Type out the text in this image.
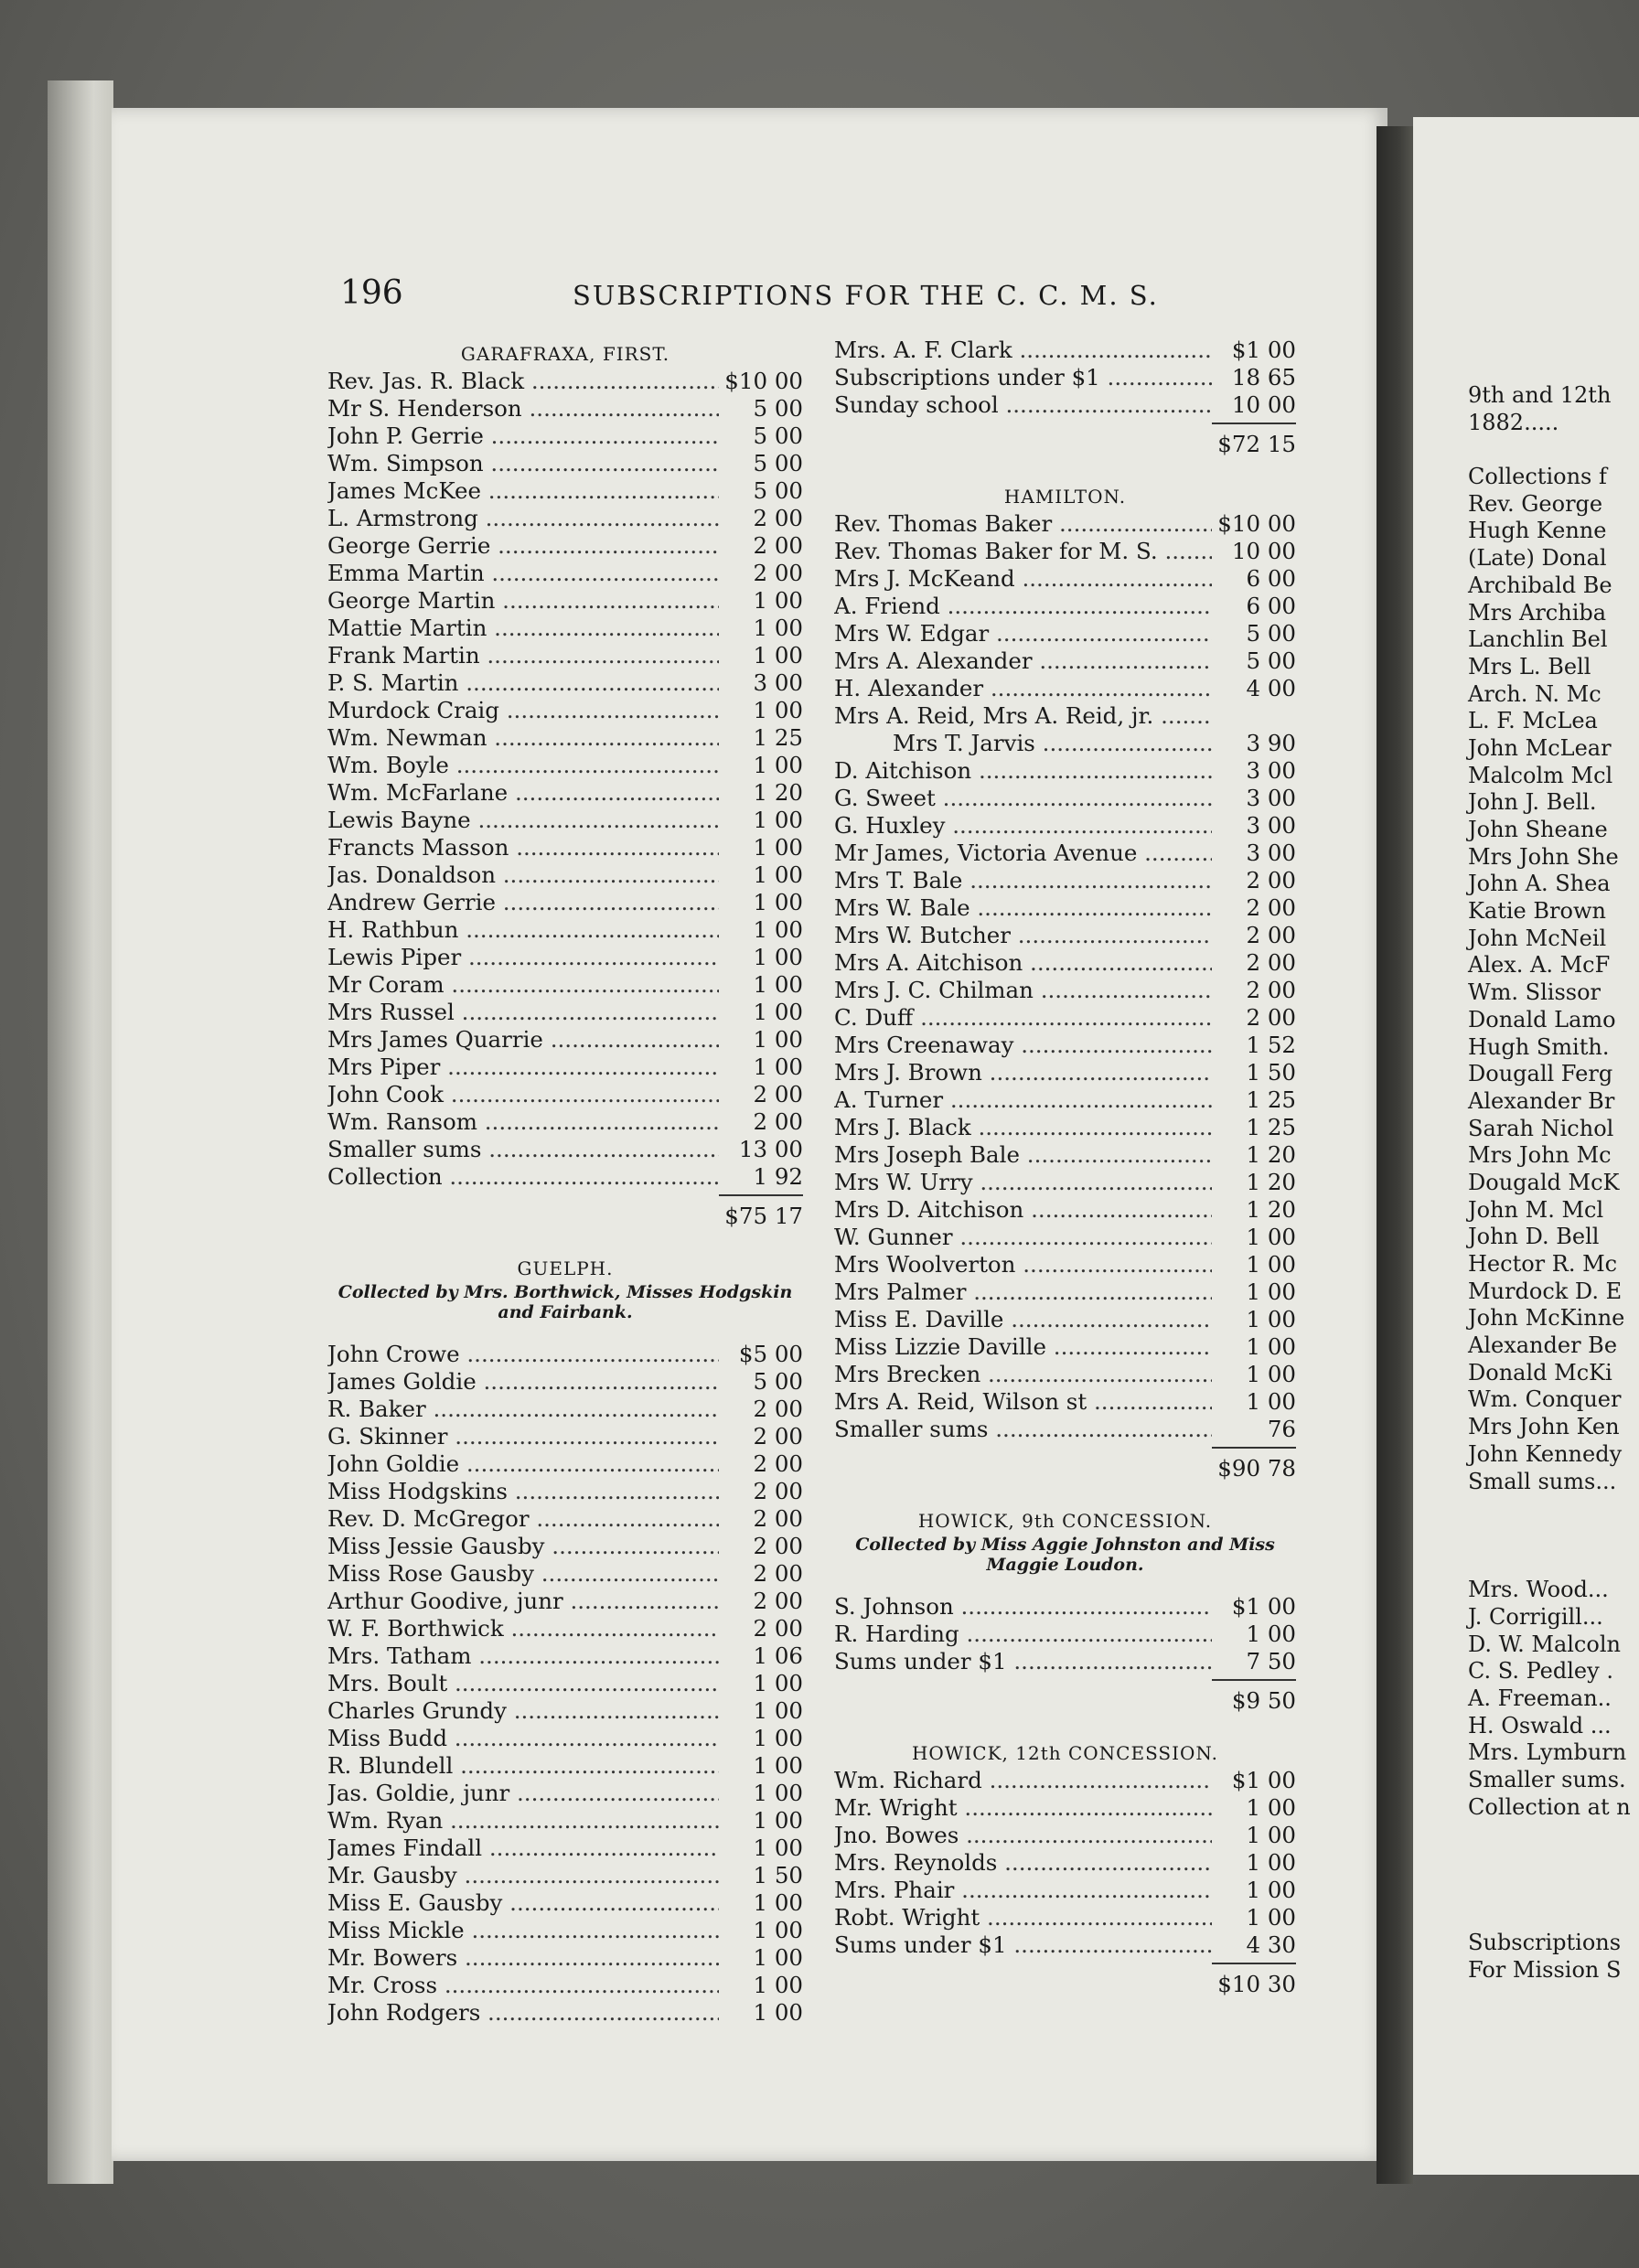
196	SUBSCRIPTIONS FOR THE C. C. M. S.
GARAFRAXA, FIRST.
Rev. Jas. R. Black .....	$10 00
Mr S. Henderson .....	5 00
John P. Gerrie .....	5 00
Wm. Simpson .....	5 00
James McKee .....	5 00
L. Armstrong .....	2 00
George Gerrie .....	2 00
Emma Martin .....	2 00
George Martin .....	1 00
Mattie Martin .....	1 00
Frank Martin .....	1 00
P. S. Martin .....	3 00
Murdock Craig .....	1 00
Wm. Newman .....	1 25
Wm. Boyle .....	1 00
Wm. McFarlane .....	1 20
Lewis Bayne .....	1 00
Francts Masson .....	1 00
Jas. Donaldson .....	1 00
Andrew Gerrie .....	1 00
H. Rathbun .....	1 00
Lewis Piper .....	1 00
Mr Coram .....	1 00
Mrs Russel .....	1 00
Mrs James Quarrie .....	1 00
Mrs Piper .....	1 00
John Cook .....	2 00
Wm. Ransom .....	2 00
Smaller sums .....	13 00
Collection .....	1 92
$75 17
GUELPH.
Collected by Mrs. Borthwick, Misses Hodgskin and Fairbank.
John Crowe .....	$5 00
James Goldie .....	5 00
R. Baker .....	2 00
G. Skinner .....	2 00
John Goldie .....	2 00
Miss Hodgskins .....	2 00
Rev. D. McGregor .....	2 00
Miss Jessie Gausby .....	2 00
Miss Rose Gausby .....	2 00
Arthur Goodive, junr .....	2 00
W. F. Borthwick .....	2 00
Mrs. Tatham .....	1 06
Mrs. Boult .....	1 00
Charles Grundy .....	1 00
Miss Budd .....	1 00
R. Blundell .....	1 00
Jas. Goldie, junr .....	1 00
Wm. Ryan .....	1 00
James Findall .....	1 00
Mr. Gausby .....	1 50
Miss E. Gausby .....	1 00
Miss Mickle .....	1 00
Mr. Bowers .....	1 00
Mr. Cross .....	1 00
John Rodgers .....	1 00
Mrs. A. F. Clark .....	$1 00
Subscriptions under $1 .....	18 65
Sunday school .....	10 00
$72 15
HAMILTON.
Rev. Thomas Baker .....	$10 00
Rev. Thomas Baker for M. S. .....	10 00
Mrs J. McKeand .....	6 00
A. Friend .....	6 00
Mrs W. Edgar .....	5 00
Mrs A. Alexander .....	5 00
H. Alexander .....	4 00
Mrs A. Reid, Mrs A. Reid, jr. .....
Mrs T. Jarvis .....	3 90
D. Aitchison .....	3 00
G. Sweet .....	3 00
G. Huxley .....	3 00
Mr James, Victoria Avenue .....	3 00
Mrs T. Bale .....	2 00
Mrs W. Bale .....	2 00
Mrs W. Butcher .....	2 00
Mrs A. Aitchison .....	2 00
Mrs J. C. Chilman .....	2 00
C. Duff .....	2 00
Mrs Creenaway .....	1 52
Mrs J. Brown .....	1 50
A. Turner .....	1 25
Mrs J. Black .....	1 25
Mrs Joseph Bale .....	1 20
Mrs W. Urry .....	1 20
Mrs D. Aitchison .....	1 20
W. Gunner .....	1 00
Mrs Woolverton .....	1 00
Mrs Palmer .....	1 00
Miss E. Daville .....	1 00
Miss Lizzie Daville .....	1 00
Mrs Brecken .....	1 00
Mrs A. Reid, Wilson st .....	1 00
Smaller sums .....	76
$90 78
HOWICK, 9th CONCESSION.
Collected by Miss Aggie Johnston and Miss Maggie Loudon.
S. Johnson .....	$1 00
R. Harding .....	1 00
Sums under $1 .....	7 50
$9 50
HOWICK, 12th CONCESSION.
Wm. Richard .....	$1 00
Mr. Wright .....	1 00
Jno. Bowes .....	1 00
Mrs. Reynolds .....	1 00
Mrs. Phair .....	1 00
Robt. Wright .....	1 00
Sums under $1 .....	4 30
$10 30
9th and 12th
1882.....
Collections f
Rev. George
Hugh Kenne
(Late) Donal
Archibald Be
Mrs Archiba
Lanchlin Bel
Mrs L. Bell
Arch. N. Mc
L. F. McLea
John McLear
Malcolm Mcl
John J. Bell.
John Sheane
Mrs John She
John A. Shea
Katie Brown
John McNeil
Alex. A. McF
Wm. Slissor
Donald Lamo
Hugh Smith.
Dougall Ferg
Alexander Br
Sarah Nichol
Mrs John Mc
Dougald McK
John M. Mcl
John D. Bell
Hector R. Mc
Murdock D. E
John McKinne
Alexander Be
Donald McKi
Wm. Conquer
Mrs John Ken
John Kennedy
Small sums...
Mrs. Wood...
J. Corrigill...
D. W. Malcoln
C. S. Pedley .
A. Freeman..
H. Oswald ...
Mrs. Lymburn
Smaller sums.
Collection at n
Subscriptions
For Mission S
